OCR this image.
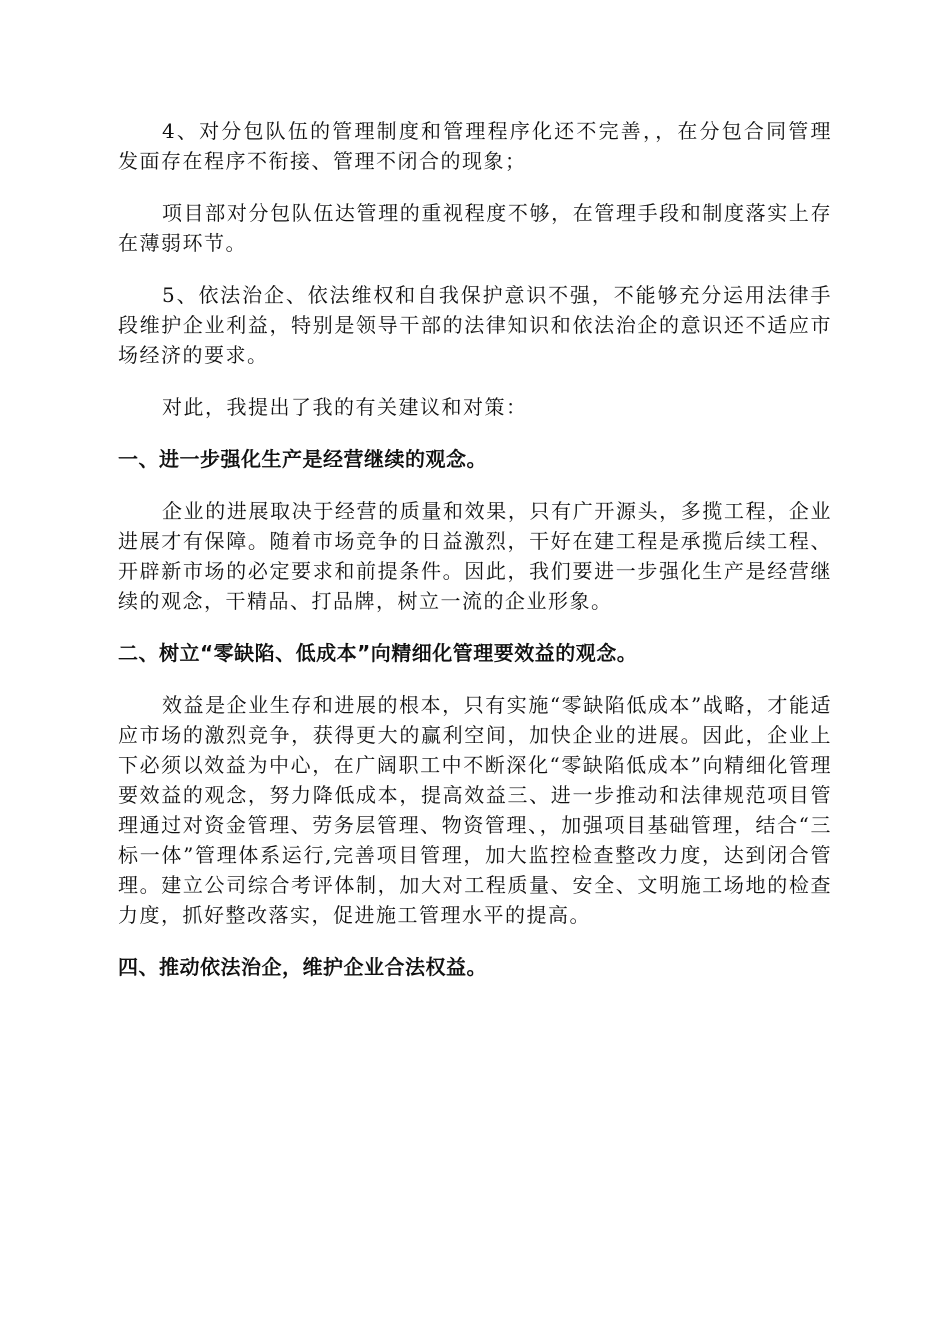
4、对分包队伍的管理制度和管理程序化还不完善，，在分包合同管理发面存在程序不衔接、管理不闭合的现象；

项目部对分包队伍达管理的重视程度不够，在管理手段和制度落实上存在薄弱环节。

5、依法治企、依法维权和自我保护意识不强，不能够充分运用法律手段维护企业利益，特别是领导干部的法律知识和依法治企的意识还不适应市场经济的要求。

对此，我提出了我的有关建议和对策：

一、进一步强化生产是经营继续的观念。

企业的进展取决于经营的质量和效果，只有广开源头，多揽工程，企业进展才有保障。随着市场竞争的日益激烈，干好在建工程是承揽后续工程、开辟新市场的必定要求和前提条件。因此，我们要进一步强化生产是经营继续的观念，干精品、打品牌，树立一流的企业形象。

二、树立“零缺陷、低成本”向精细化管理要效益的观念。

效益是企业生存和进展的根本，只有实施“零缺陷低成本”战略，才能适应市场的激烈竞争，获得更大的赢利空间，加快企业的进展。因此，企业上下必须以效益为中心，在广阔职工中不断深化“零缺陷低成本”向精细化管理要效益的观念，努力降低成本，提高效益三、进一步推动和法律规范项目管理通过对资金管理、劳务层管理、物资管理、，加强项目基础管理，结合“三标一体”管理体系运行,完善项目管理，加大监控检查整改力度，达到闭合管理。建立公司综合考评体制，加大对工程质量、安全、文明施工场地的检查力度，抓好整改落实，促进施工管理水平的提高。

四、推动依法治企，维护企业合法权益。
